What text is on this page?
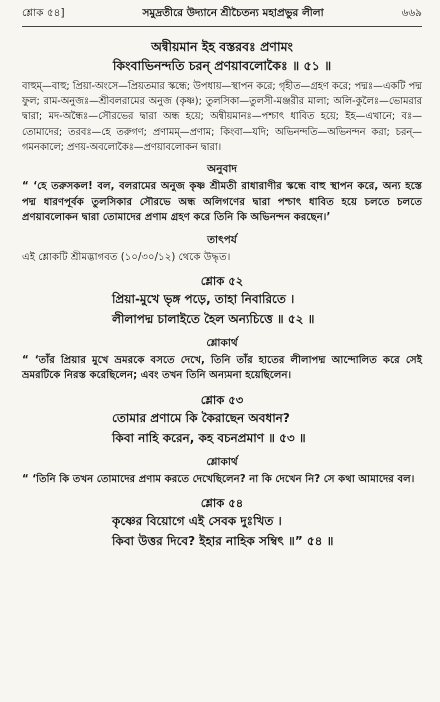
শ্লোক ৫৪]	সমুদ্রতীরে উদ্যানে শ্রীচৈতন্য মহাপ্রভুর লীলা	৬৬৯
অন্বীয়মান ইহ বস্তরবঃ প্রণামং
কিংবাভিনন্দতি চরন্ প্রণয়াবলোকৈঃ ॥ ৫১ ॥
বাহুম্—বাহু; প্রিয়া-অংসে—প্রিয়তমার স্কন্ধে; উপধায়—স্থাপন করে; গৃহীত—গ্রহণ করে; পদ্মঃ—একটি পদ্ম ফুল; রাম-অনুজঃ—শ্রীবলরামের অনুজ (কৃষ্ণ); তুলসিকা—তুলসী-মঞ্জরীর মালা; অলি-কুলৈঃ—ভোমরার দ্বারা; মদ-অন্ধৈঃ—সৌরভের দ্বারা অন্ধ হয়ে; অন্বীয়মানঃ—পশ্চাৎ ধাবিত হয়ে; ইহ—এখানে; বঃ—তোমাদের; তরবঃ—হে তরুগণ; প্রণামম্—প্রণাম; কিংবা—যদি; অভিনন্দতি—অভিনন্দন করা; চরন্—গমনকালে; প্রণয়-অবলোকৈঃ—প্রণয়াবলোকন দ্বারা।
অনুবাদ
“ ‘হে তরুসকল! বল, বলরামের অনুজ কৃষ্ণ শ্রীমতী রাধারাণীর স্কন্ধে বাহু স্থাপন করে, অন্য হস্তে পদ্ম ধারণপূর্বক তুলসিকার সৌরভে অন্ধ অলিগণের দ্বারা পশ্চাৎ ধাবিত হয়ে চলতে চলতে প্রণয়াবলোকন দ্বারা তোমাদের প্রণাম গ্রহণ করে তিনি কি অভিনন্দন করছেন।’
তাৎপর্য
এই শ্লোকটি শ্রীমদ্ভাগবত (১০/৩০/১২) থেকে উদ্ধৃত।
শ্লোক ৫২
প্রিয়া-মুখে ভৃঙ্গ পড়ে, তাহা নিবারিতে ।
লীলাপদ্ম চালাইতে হৈল অন্যচিত্তে ॥ ৫২ ॥
শ্লোকার্থ
“ ‘তাঁর প্রিয়ার মুখে ভ্রমরকে বসতে দেখে, তিনি তাঁর হাতের লীলাপদ্ম আন্দোলিত করে সেই ভ্রমরটিকে নিরস্ত করেছিলেন; এবং তখন তিনি অন্যমনা হয়েছিলেন।
শ্লোক ৫৩
তোমার প্রণামে কি কৈরাছেন অবধান?
কিবা নাহি করেন, কহ বচনপ্রমাণ ॥ ৫৩ ॥
শ্লোকার্থ
“ ‘তিনি কি তখন তোমাদের প্রণাম করতে দেখেছিলেন? না কি দেখেন নি? সে কথা আমাদের বল।
শ্লোক ৫৪
কৃষ্ণের বিয়োগে এই সেবক দুঃখিত ।
কিবা উত্তর দিবে? ইহার নাহিক সম্বিৎ ॥” ৫৪ ॥
